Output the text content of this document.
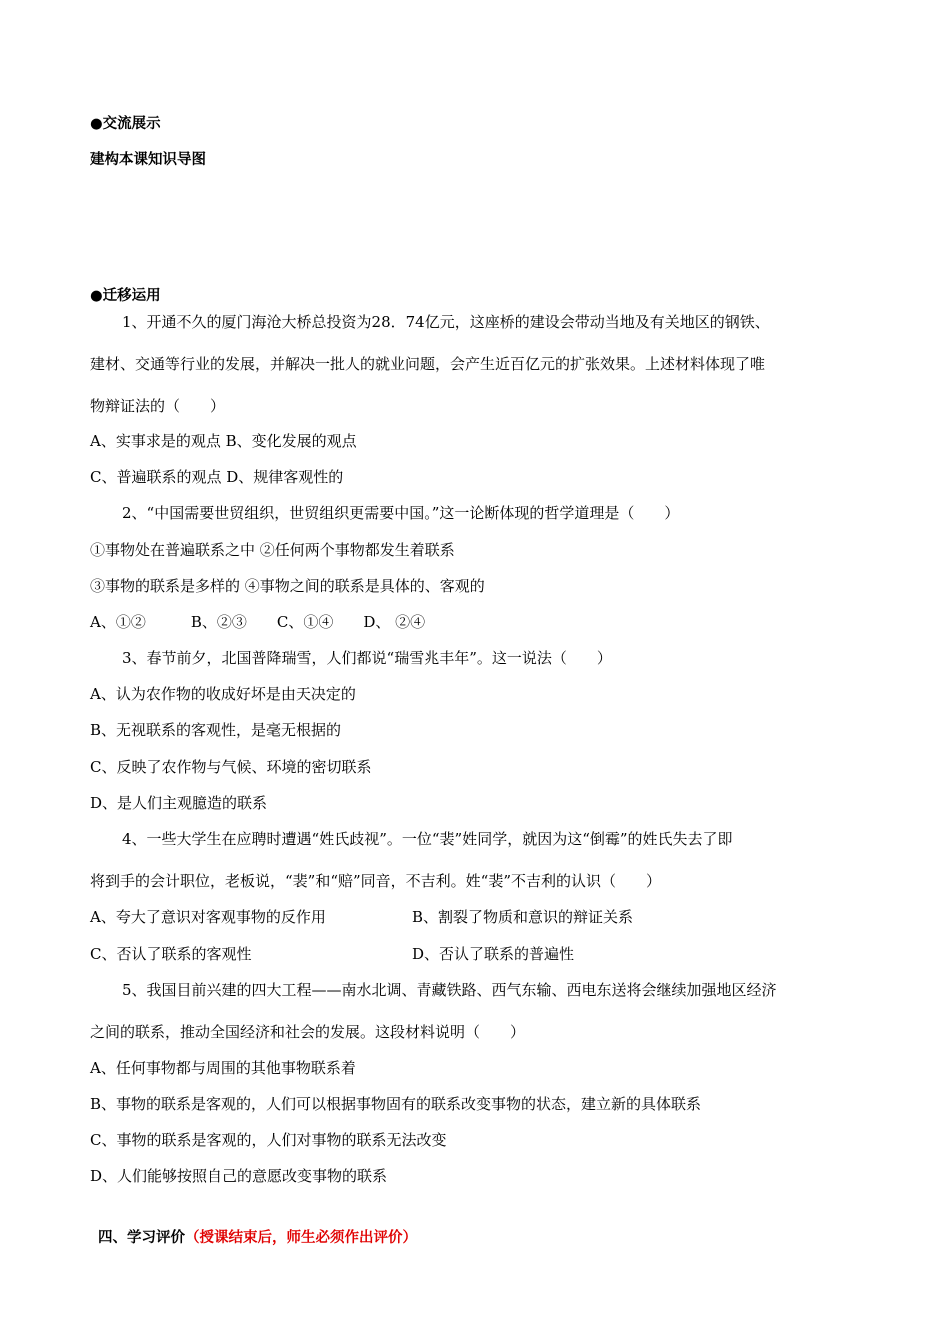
●交流展示
建构本课知识导图
●迁移运用
1、开通不久的厦门海沧大桥总投资为28．74亿元，这座桥的建设会带动当地及有关地区的钢铁、
建材、交通等行业的发展，并解决一批人的就业问题，会产生近百亿元的扩张效果。上述材料体现了唯
物辩证法的（　　）
A、实事求是的观点 B、变化发展的观点
C、普遍联系的观点 D、规律客观性的
2、“中国需要世贸组织，世贸组织更需要中国。”这一论断体现的哲学道理是（　　）
①事物处在普遍联系之中 ②任何两个事物都发生着联系
③事物的联系是多样的 ④事物之间的联系是具体的、客观的
A、①②　　　B、②③　　C、①④　　D、 ②④
3、春节前夕，北国普降瑞雪，人们都说“瑞雪兆丰年”。这一说法（　　）
A、认为农作物的收成好坏是由天决定的
B、无视联系的客观性，是毫无根据的
C、反映了农作物与气候、环境的密切联系
D、是人们主观臆造的联系
4、一些大学生在应聘时遭遇“姓氏歧视”。一位“裴”姓同学，就因为这“倒霉”的姓氏失去了即
将到手的会计职位，老板说，“裴”和“赔”同音，不吉利。姓“裴”不吉利的认识（　　）
A、夸大了意识对客观事物的反作用	B、割裂了物质和意识的辩证关系
C、否认了联系的客观性	D、否认了联系的普遍性
5、我国目前兴建的四大工程——南水北调、青藏铁路、西气东输、西电东送将会继续加强地区经济
之间的联系，推动全国经济和社会的发展。这段材料说明（　　）
A、任何事物都与周围的其他事物联系着
B、事物的联系是客观的，人们可以根据事物固有的联系改变事物的状态，建立新的具体联系
C、事物的联系是客观的，人们对事物的联系无法改变
D、人们能够按照自己的意愿改变事物的联系
四、学习评价（授课结束后，师生必须作出评价）
